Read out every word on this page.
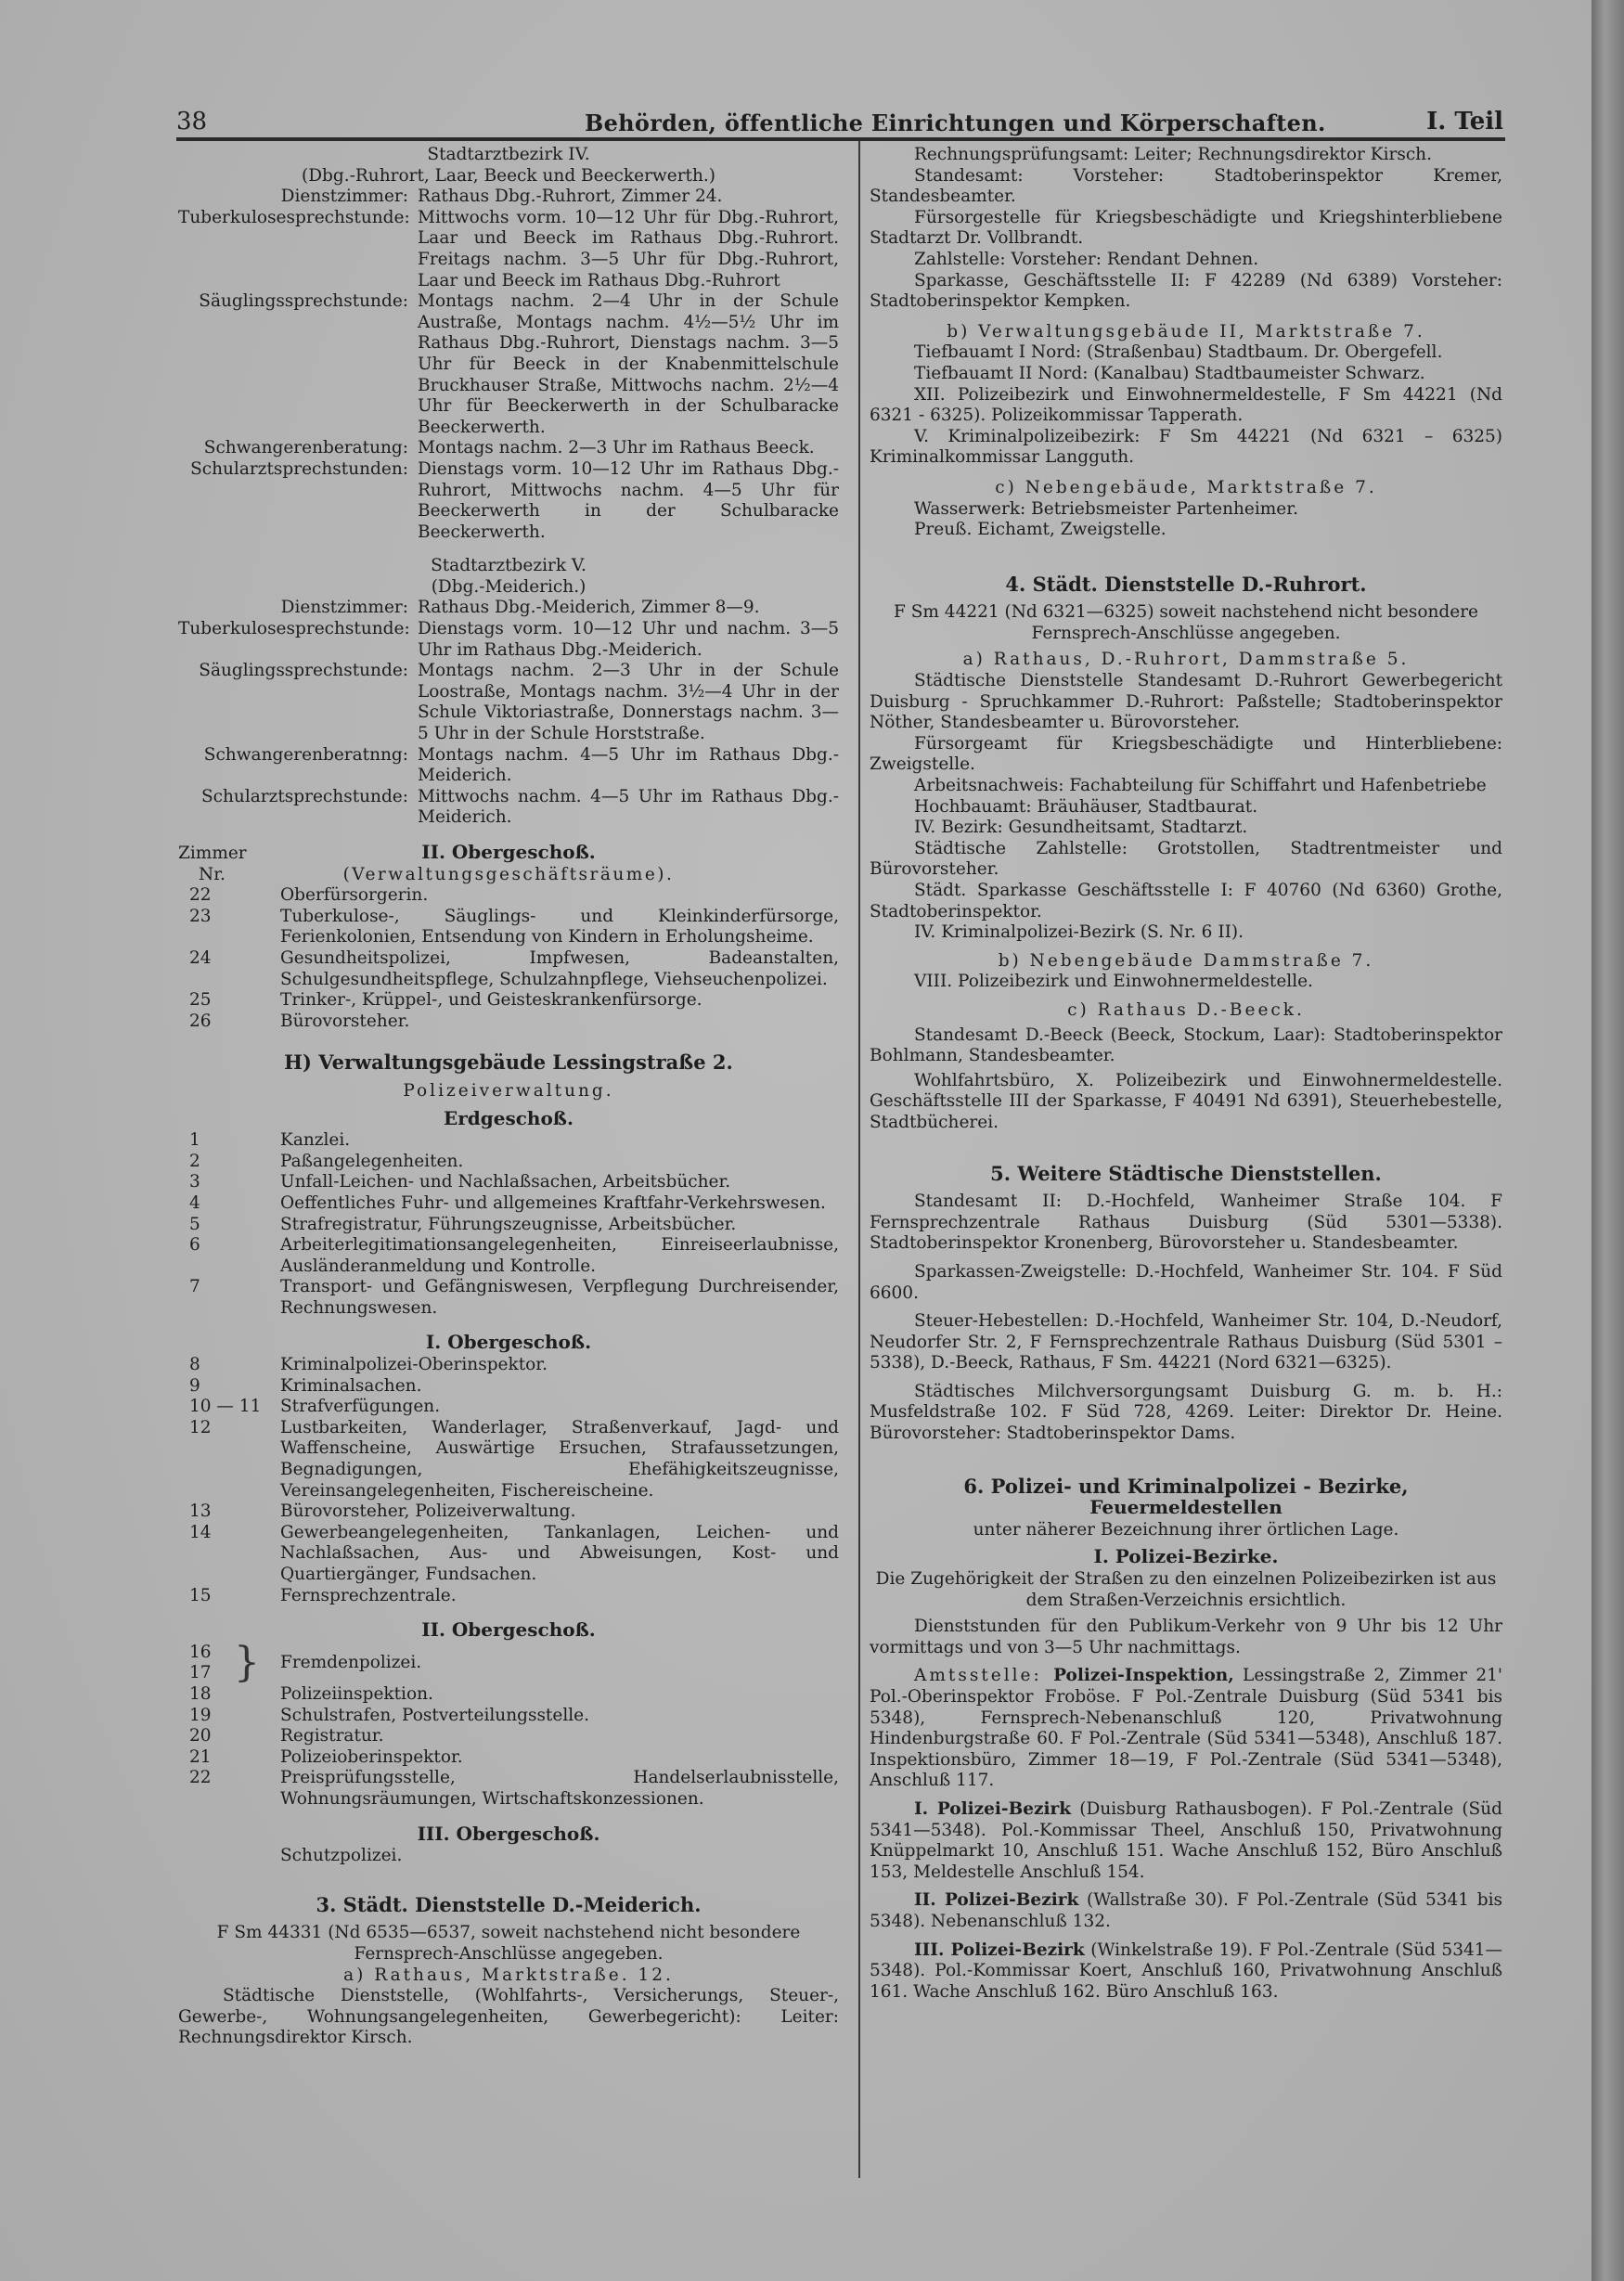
38	Behörden, öffentliche Einrichtungen und Körperschaften.	I. Teil
Stadtarztbezirk IV.
(Dbg.-Ruhrort, Laar, Beeck und Beeckerwerth.)
Dienstzimmer: Rathaus Dbg.-Ruhrort, Zimmer 24.
Tuberkulosesprechstunde: Mittwochs vorm. 10—12 Uhr für Dbg.-Ruhrort, Laar und Beeck im Rathaus Dbg.-Ruhrort. Freitags nachm. 3—5 Uhr für Dbg.-Ruhrort, Laar und Beeck im Rathaus Dbg.-Ruhrort
Säuglingssprechstunde: Montags nachm. 2—4 Uhr in der Schule Austraße, Montags nachm. 4½—5½ Uhr im Rathaus Dbg.-Ruhrort, Dienstags nachm. 3—5 Uhr für Beeck in der Knabenmittelschule Bruckhauser Straße, Mittwochs nachm. 2½—4 Uhr für Beeckerwerth in der Schulbaracke Beeckerwerth.
Schwangerenberatung: Montags nachm. 2—3 Uhr im Rathaus Beeck.
Schularztsprechstunden: Dienstags vorm. 10—12 Uhr im Rathaus Dbg.-Ruhrort, Mittwochs nachm. 4—5 Uhr für Beeckerwerth in der Schulbaracke Beeckerwerth.
Stadtarztbezirk V.
(Dbg.-Meiderich.)
Dienstzimmer: Rathaus Dbg.-Meiderich, Zimmer 8—9.
Tuberkulosesprechstunde: Dienstags vorm. 10—12 Uhr und nachm. 3—5 Uhr im Rathaus Dbg.-Meiderich.
Säuglingssprechstunde: Montags nachm. 2—3 Uhr in der Schule Loostraße, Montags nachm. 3½—4 Uhr in der Schule Viktoriastraße, Donnerstags nachm. 3—5 Uhr in der Schule Horststraße.
Schwangerenberatnng: Montags nachm. 4—5 Uhr im Rathaus Dbg.-Meiderich.
Schularztsprechstunde: Mittwochs nachm. 4—5 Uhr im Rathaus Dbg.-Meiderich.
Zimmer	II. Obergeschoß.
Nr.	(Verwaltungsgeschäftsräume).
22	Oberfürsorgerin.
23	Tuberkulose-, Säuglings- und Kleinkinderfürsorge, Ferienkolonien, Entsendung von Kindern in Erholungsheime.
24	Gesundheitspolizei, Impfwesen, Badeanstalten, Schulgesundheitspflege, Schulzahnpflege, Viehseuchenpolizei.
25	Trinker-, Krüppel-, und Geisteskrankenfürsorge.
26	Bürovorsteher.
H) Verwaltungsgebäude Lessingstraße 2.
Polizeiverwaltung.
Erdgeschoß.
1	Kanzlei.
2	Paßangelegenheiten.
3	Unfall-Leichen- und Nachlaßsachen, Arbeitsbücher.
4	Oeffentliches Fuhr- und allgemeines Kraftfahr-Verkehrswesen.
5	Strafregistratur, Führungszeugnisse, Arbeitsbücher.
6	Arbeiterlegitimationsangelegenheiten, Einreiseerlaubnisse, Ausländeranmeldung und Kontrolle.
7	Transport- und Gefängniswesen, Verpflegung Durchreisender, Rechnungswesen.
I. Obergeschoß.
8	Kriminalpolizei-Oberinspektor.
9	Kriminalsachen.
10 — 11	Strafverfügungen.
12	Lustbarkeiten, Wanderlager, Straßenverkauf, Jagd- und Waffenscheine, Auswärtige Ersuchen, Strafaussetzungen, Begnadigungen, Ehefähigkeitszeugnisse, Vereinsangelegenheiten, Fischereischeine.
13	Bürovorsteher, Polizeiverwaltung.
14	Gewerbeangelegenheiten, Tankanlagen, Leichen- und Nachlaßsachen, Aus- und Abweisungen, Kost- und Quartiergänger, Fundsachen.
15	Fernsprechzentrale.
II. Obergeschoß.
16
17 } Fremdenpolizei.
18	Polizeiinspektion.
19	Schulstrafen, Postverteilungsstelle.
20	Registratur.
21	Polizeioberinspektor.
22	Preisprüfungsstelle, Handelserlaubnisstelle, Wohnungsräumungen, Wirtschaftskonzessionen.
III. Obergeschoß.
Schutzpolizei.
3. Städt. Dienststelle D.-Meiderich.
F Sm 44331 (Nd 6535—6537, soweit nachstehend nicht besondere Fernsprech-Anschlüsse angegeben.
a) Rathaus, Marktstraße. 12.
Städtische Dienststelle, (Wohlfahrts-, Versicherungs, Steuer-, Gewerbe-, Wohnungsangelegenheiten, Gewerbegericht): Leiter: Rechnungsdirektor Kirsch.
Rechnungsprüfungsamt: Leiter; Rechnungsdirektor Kirsch.
Standesamt: Vorsteher: Stadtoberinspektor Kremer, Standesbeamter.
Fürsorgestelle für Kriegsbeschädigte und Kriegshinterbliebene Stadtarzt Dr. Vollbrandt.
Zahlstelle: Vorsteher: Rendant Dehnen.
Sparkasse, Geschäftsstelle II: F 42289 (Nd 6389) Vorsteher: Stadtoberinspektor Kempken.
b) Verwaltungsgebäude II, Marktstraße 7.
Tiefbauamt I Nord: (Straßenbau) Stadtbaum. Dr. Obergefell.
Tiefbauamt II Nord: (Kanalbau) Stadtbaumeister Schwarz.
XII. Polizeibezirk und Einwohnermeldestelle, F Sm 44221 (Nd 6321 - 6325). Polizeikommissar Tapperath.
V. Kriminalpolizeibezirk: F Sm 44221 (Nd 6321 – 6325) Kriminalkommissar Langguth.
c) Nebengebäude, Marktstraße 7.
Wasserwerk: Betriebsmeister Partenheimer.
Preuß. Eichamt, Zweigstelle.
4. Städt. Dienststelle D.-Ruhrort.
F Sm 44221 (Nd 6321—6325) soweit nachstehend nicht besondere Fernsprech-Anschlüsse angegeben.
a) Rathaus, D.-Ruhrort, Dammstraße 5.
Städtische Dienststelle Standesamt D.-Ruhrort Gewerbegericht Duisburg - Spruchkammer D.-Ruhrort: Paßstelle; Stadtoberinspektor Nöther, Standesbeamter u. Bürovorsteher.
Fürsorgeamt für Kriegsbeschädigte und Hinterbliebene: Zweigstelle.
Arbeitsnachweis: Fachabteilung für Schiffahrt und Hafenbetriebe
Hochbauamt: Bräuhäuser, Stadtbaurat.
IV. Bezirk: Gesundheitsamt, Stadtarzt.
Städtische Zahlstelle: Grotstollen, Stadtrentmeister und Bürovorsteher.
Städt. Sparkasse Geschäftsstelle I: F 40760 (Nd 6360) Grothe, Stadtoberinspektor.
IV. Kriminalpolizei-Bezirk (S. Nr. 6 II).
b) Nebengebäude Dammstraße 7.
VIII. Polizeibezirk und Einwohnermeldestelle.
c) Rathaus D.-Beeck.
Standesamt D.-Beeck (Beeck, Stockum, Laar): Stadtoberinspektor Bohlmann, Standesbeamter.
Wohlfahrtsbüro, X. Polizeibezirk und Einwohnermeldestelle. Geschäftsstelle III der Sparkasse, F 40491 Nd 6391), Steuerhebestelle, Stadtbücherei.
5. Weitere Städtische Dienststellen.
Standesamt II: D.-Hochfeld, Wanheimer Straße 104. F Fernsprechzentrale Rathaus Duisburg (Süd 5301—5338). Stadtoberinspektor Kronenberg, Bürovorsteher u. Standesbeamter.
Sparkassen-Zweigstelle: D.-Hochfeld, Wanheimer Str. 104. F Süd 6600.
Steuer-Hebestellen: D.-Hochfeld, Wanheimer Str. 104, D.-Neudorf, Neudorfer Str. 2, F Fernsprechzentrale Rathaus Duisburg (Süd 5301 – 5338), D.-Beeck, Rathaus, F Sm. 44221 (Nord 6321—6325).
Städtisches Milchversorgungsamt Duisburg G. m. b. H.: Musfeldstraße 102. F Süd 728, 4269. Leiter: Direktor Dr. Heine. Bürovorsteher: Stadtoberinspektor Dams.
6. Polizei- und Kriminalpolizei - Bezirke,
Feuermeldestellen
unter näherer Bezeichnung ihrer örtlichen Lage.
I. Polizei-Bezirke.
Die Zugehörigkeit der Straßen zu den einzelnen Polizeibezirken ist aus dem Straßen-Verzeichnis ersichtlich.
Dienststunden für den Publikum-Verkehr von 9 Uhr bis 12 Uhr vormittags und von 3—5 Uhr nachmittags.
Amtsstelle: Polizei-Inspektion, Lessingstraße 2, Zimmer 21' Pol.-Oberinspektor Froböse. F Pol.-Zentrale Duisburg (Süd 5341 bis 5348), Fernsprech-Nebenanschluß 120, Privatwohnung Hindenburgstraße 60. F Pol.-Zentrale (Süd 5341—5348), Anschluß 187. Inspektionsbüro, Zimmer 18—19, F Pol.-Zentrale (Süd 5341—5348), Anschluß 117.
I. Polizei-Bezirk (Duisburg Rathausbogen). F Pol.-Zentrale (Süd 5341—5348). Pol.-Kommissar Theel, Anschluß 150, Privatwohnung Knüppelmarkt 10, Anschluß 151. Wache Anschluß 152, Büro Anschluß 153, Meldestelle Anschluß 154.
II. Polizei-Bezirk (Wallstraße 30). F Pol.-Zentrale (Süd 5341 bis 5348). Nebenanschluß 132.
III. Polizei-Bezirk (Winkelstraße 19). F Pol.-Zentrale (Süd 5341—5348). Pol.-Kommissar Koert, Anschluß 160, Privatwohnung Anschluß 161. Wache Anschluß 162. Büro Anschluß 163.
